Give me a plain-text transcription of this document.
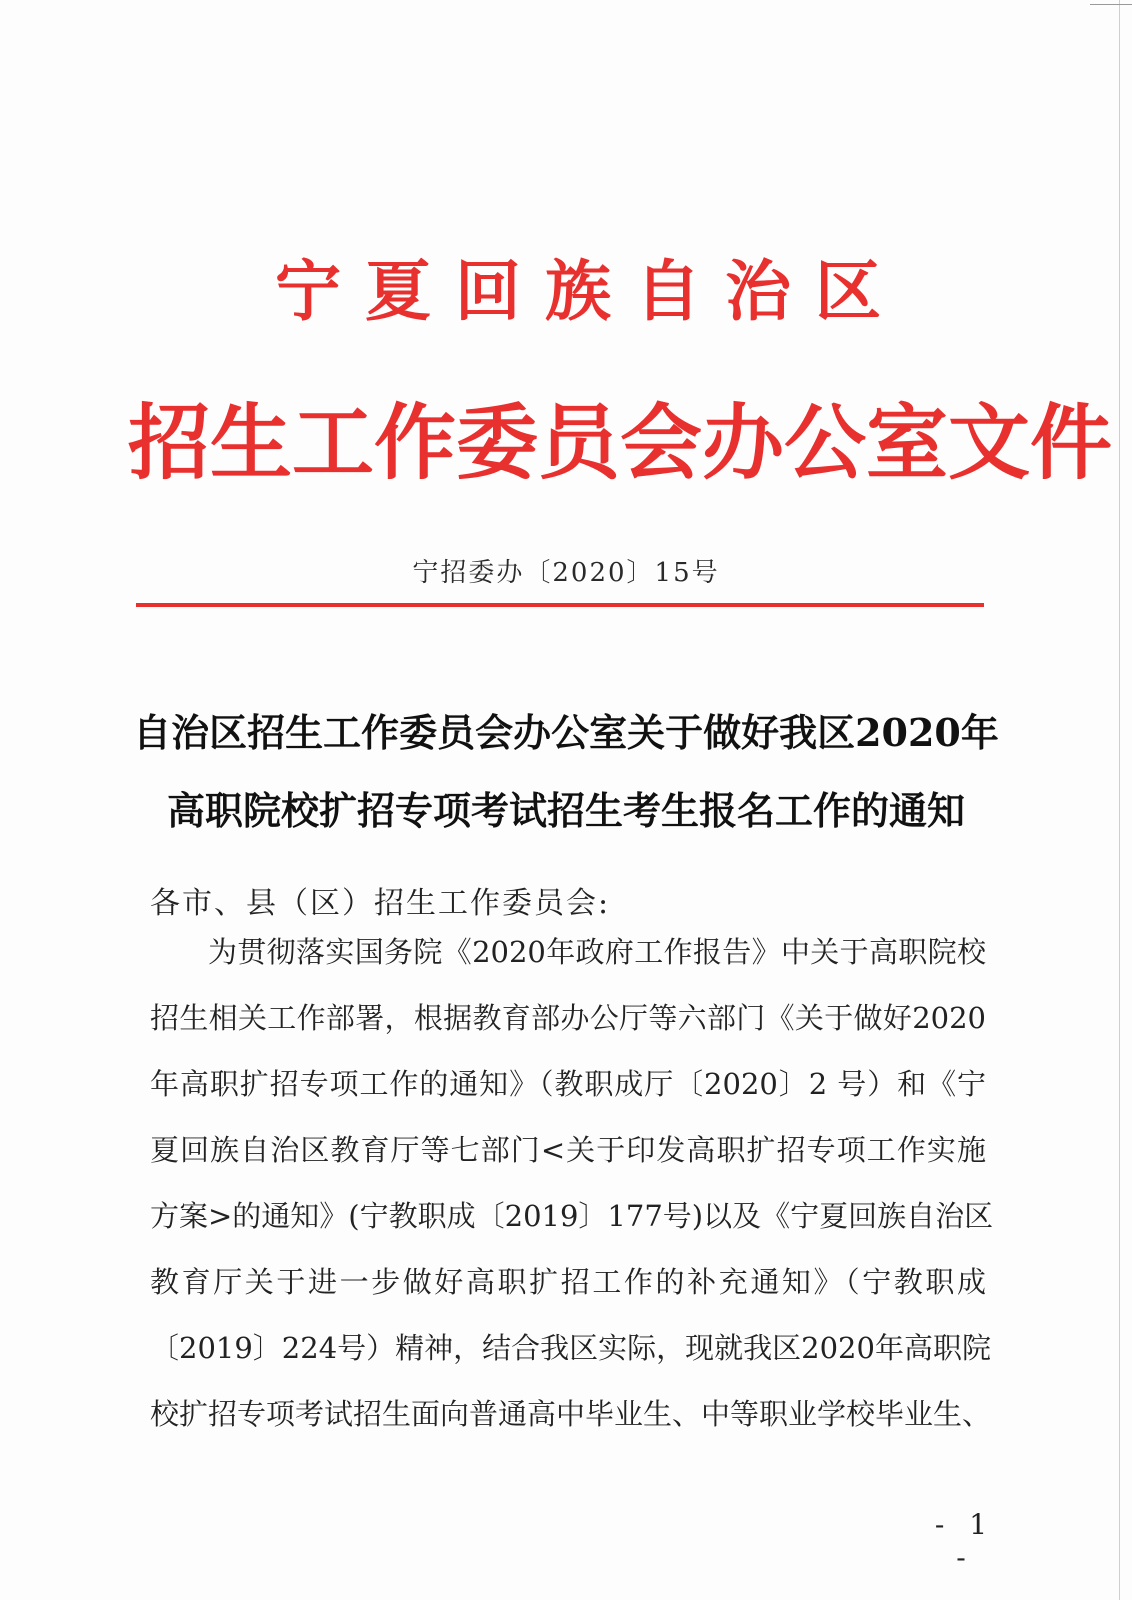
宁夏回族自治区
招生工作委员会办公室文件
宁招委办〔2020〕15号
自治区招生工作委员会办公室关于做好我区2020年
高职院校扩招专项考试招生考生报名工作的通知
各市、县（区）招生工作委员会:
为贯彻落实国务院《2020年政府工作报告》中关于高职院校
招生相关工作部署，根据教育部办公厅等六部门《关于做好2020
年高职扩招专项工作的通知》（教职成厅〔2020〕2 号）和《宁
夏回族自治区教育厅等七部门<关于印发高职扩招专项工作实施
方案>的通知》(宁教职成〔2019〕177号)以及《宁夏回族自治区
教育厅关于进一步做好高职扩招工作的补充通知》（宁教职成
〔2019〕224号）精神，结合我区实际，现就我区2020年高职院
校扩招专项考试招生面向普通高中毕业生、中等职业学校毕业生、
- 1 -
